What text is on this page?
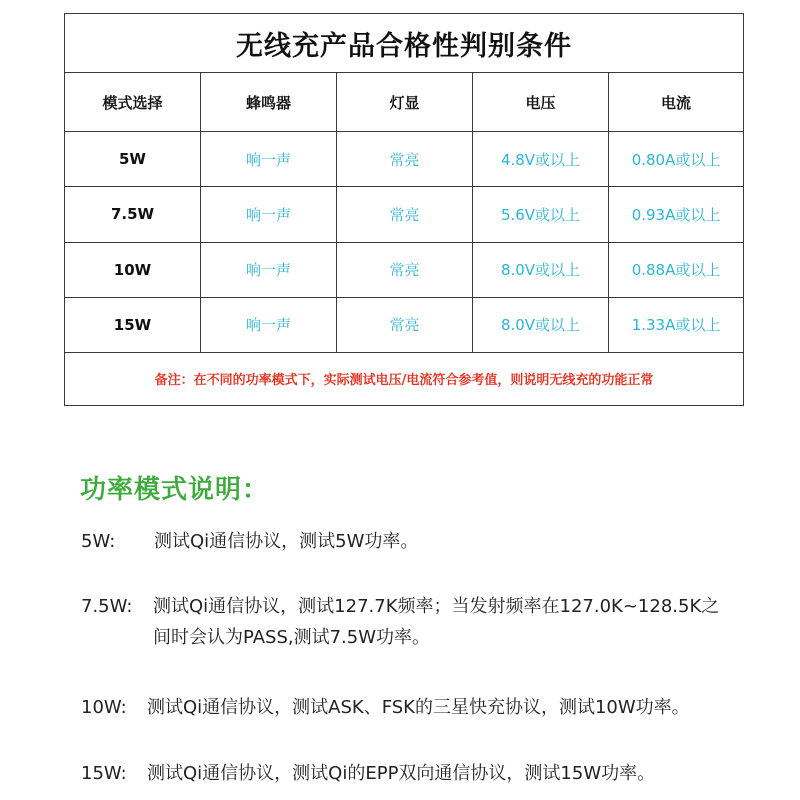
无线充产品合格性判别条件				
模式选择	蜂鸣器	灯显	电压	电流
5W	响一声	常亮	4.8V或以上	0.80A或以上
7.5W	响一声	常亮	5.6V或以上	0.93A或以上
10W	响一声	常亮	8.0V或以上	0.88A或以上
15W	响一声	常亮	8.0V或以上	1.33A或以上
备注：在不同的功率模式下，实际测试电压/电流符合参考值，则说明无线充的功能正常				
功率模式说明：
5W: 测试Qi通信协议，测试5W功率。
7.5W: 测试Qi通信协议，测试127.7K频率；当发射频率在127.0K~128.5K之间时会认为PASS,测试7.5W功率。
10W: 测试Qi通信协议，测试ASK、FSK的三星快充协议，测试10W功率。
15W: 测试Qi通信协议，测试Qi的EPP双向通信协议，测试15W功率。
